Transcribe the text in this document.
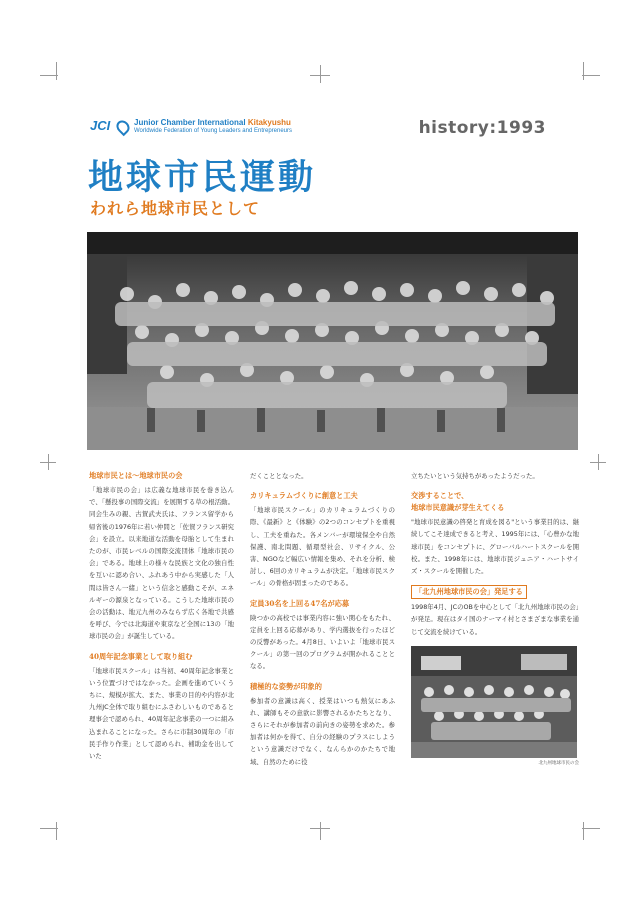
JCI	Junior Chamber International Kitakyushu
Worldwide Federation of Young Leaders and Entrepreneurs	history:1993
地球市民運動
われら地球市民として
地球市民とは～地球市民の会

「地球市民の会」は広義な地球市民を巻き込んで、「懸投事の国際交流」を展開する草の根活動。同会生みの親、古賀武夫氏は、フランス留学から帰省後の1976年に若い仲間と「佐賀フランス研究会」を設立。以来地道な活動を母胎として生まれたのが、市民レベルの国際交流団体「地球市民の会」である。地球上の様々な民族と文化の独自性を互いに認め合い、ふれあう中から実感した「人間は皆さん一緒」という信念と感動こそが、エネルギーの源泉となっている。こうした地球市民の会の活動は、地元九州のみならず広く各地で共感を呼び、今では北海道や東京など全国に13の「地球市民の会」が誕生している。

40周年記念事業として取り組む

「地球市民スクール」は当初、40周年記念事業という位置づけではなかった。企画を進めていくうちに、規模が拡大、また、事業の目的や内容が北九州JC全体で取り組むにふさわしいものであると理事会で認められ、40周年記念事業の一つに組み込まれることになった。さらに市制30周年の「市民手作り作業」として認められ、補助金を出していた

だくこととなった。

カリキュラムづくりに創意と工夫

「地球市民スクール」のカリキュラムづくりの際、《最新》と《体験》の2つのコンセプトを重視し、工夫を重ねた。各メンバーが環境保全や自然保護、南北問題、循環型社会、リサイクル、公害、NGOなど幅広い情報を集め、それを分析、検討し、6回のカリキュラムが決定。「地球市民スクール」の骨格が固まったのである。

定員30名を上回る47名が応募

険つかの高校では事業内容に強い関心をもたれ、定員を上回る応募があり、学内選抜を行ったほどの反響があった。4月8日、いよいよ「地球市民スクール」の第一回のプログラムが開かれることとなる。

積極的な姿勢が印象的

参加者の意識は高く、授業はいつも熱気にあふれ、講師もその意欲に影響されるかたちとなり、さらにそれが参加者の前向きの姿勢を求めた。参加者は何かを得て、自分の経験のプラスにしようという意識だけでなく、なんらかのかたちで地域、自然のために役

立ちたいという気持ちがあったようだった。

交渉することで、
地球市民意識が芽生えてくる

"地球市民意識の啓発と育成を図る"という事業目的は、継続してこそ達成できると考え、1995年には、「心豊かな地球市民」をコンセプトに、グローバルハートスクールを開校。また、1998年には、地球市民ジュニア・ハートサイズ・スクールを開催した。

「北九州地球市民の会」発足する

1998年4月、JCのOBを中心として「北九州地球市民の会」が発足。現在はタイ国のナーマイ村とさまざまな事業を通じて交流を続けている。

北九州地球市民の会
